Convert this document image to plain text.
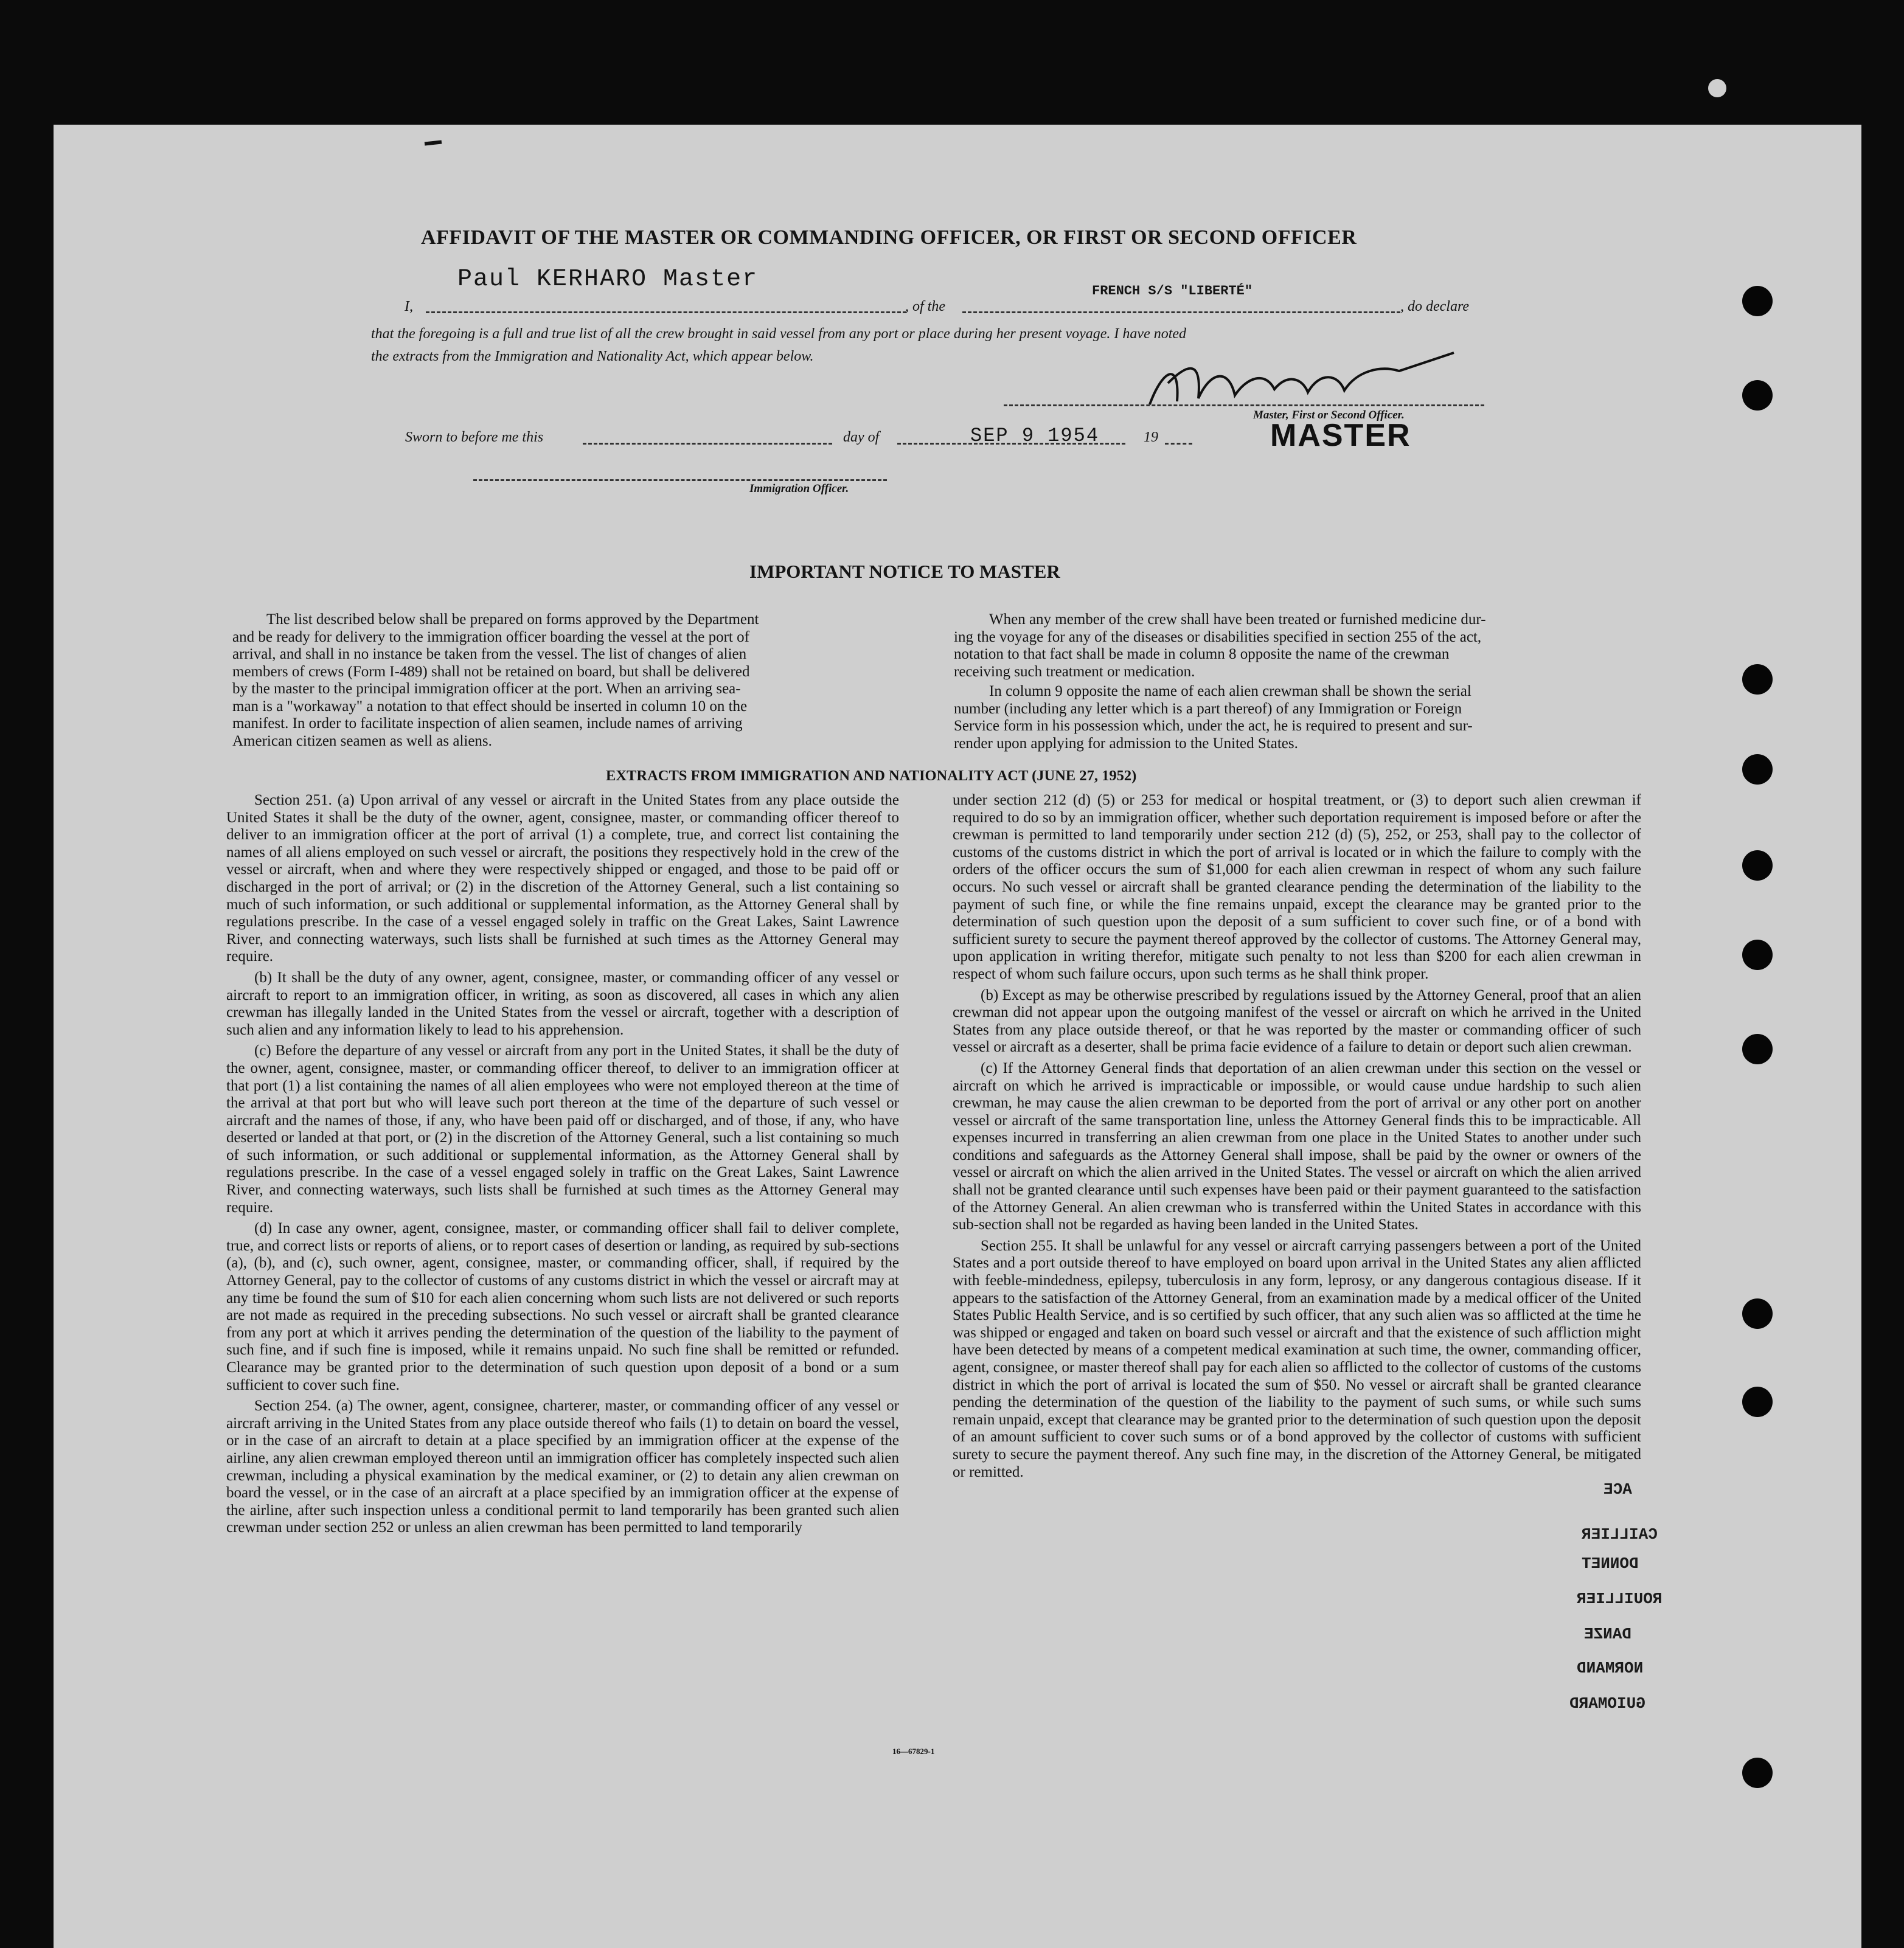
AFFIDAVIT OF THE MASTER OR COMMANDING OFFICER, OR FIRST OR SECOND OFFICER
Paul KERHARO Master	FRENCH S/S "LIBERTÉ"
I,	, of the	, do declare
that the foregoing is a full and true list of all the crew brought in said vessel from any port or place during her present voyage. I have noted
the extracts from the Immigration and Nationality Act, which appear below.
Master, First or Second Officer.
MASTER
Sworn to before me this	day of	SEP 9 1954	19
Immigration Officer.
IMPORTANT NOTICE TO MASTER
The list described below shall be prepared on forms approved by the Department
and be ready for delivery to the immigration officer boarding the vessel at the port of
arrival, and shall in no instance be taken from the vessel. The list of changes of alien
members of crews (Form I-489) shall not be retained on board, but shall be delivered
by the master to the principal immigration officer at the port. When an arriving sea-
man is a "workaway" a notation to that effect should be inserted in column 10 on the
manifest. In order to facilitate inspection of alien seamen, include names of arriving
American citizen seamen as well as aliens.
When any member of the crew shall have been treated or furnished medicine dur-
ing the voyage for any of the diseases or disabilities specified in section 255 of the act,
notation to that fact shall be made in column 8 opposite the name of the crewman
receiving such treatment or medication.
In column 9 opposite the name of each alien crewman shall be shown the serial
number (including any letter which is a part thereof) of any Immigration or Foreign
Service form in his possession which, under the act, he is required to present and sur-
render upon applying for admission to the United States.
EXTRACTS FROM IMMIGRATION AND NATIONALITY ACT (JUNE 27, 1952)

Section 251. (a) Upon arrival of any vessel or aircraft in the United States from any place outside the United States it shall be the duty of the owner, agent, consignee, master, or commanding officer thereof to deliver to an immigration officer at the port of arrival (1) a complete, true, and correct list containing the names of all aliens employed on such vessel or aircraft, the positions they respectively hold in the crew of the vessel or aircraft, when and where they were respectively shipped or engaged, and those to be paid off or discharged in the port of arrival; or (2) in the discretion of the Attorney General, such a list containing so much of such information, or such additional or supplemental information, as the Attorney General shall by regulations prescribe. In the case of a vessel engaged solely in traffic on the Great Lakes, Saint Lawrence River, and connecting waterways, such lists shall be furnished at such times as the Attorney General may require.

(b) It shall be the duty of any owner, agent, consignee, master, or commanding officer of any vessel or aircraft to report to an immigration officer, in writing, as soon as discovered, all cases in which any alien crewman has illegally landed in the United States from the vessel or aircraft, together with a description of such alien and any information likely to lead to his apprehension.

(c) Before the departure of any vessel or aircraft from any port in the United States, it shall be the duty of the owner, agent, consignee, master, or commanding officer thereof, to deliver to an immigration officer at that port (1) a list containing the names of all alien employees who were not employed thereon at the time of the arrival at that port but who will leave such port thereon at the time of the departure of such vessel or aircraft and the names of those, if any, who have been paid off or discharged, and of those, if any, who have deserted or landed at that port, or (2) in the discretion of the Attorney General, such a list containing so much of such information, or such additional or supplemental information, as the Attorney General shall by regulations prescribe. In the case of a vessel engaged solely in traffic on the Great Lakes, Saint Lawrence River, and connecting waterways, such lists shall be furnished at such times as the Attorney General may require.

(d) In case any owner, agent, consignee, master, or commanding officer shall fail to deliver complete, true, and correct lists or reports of aliens, or to report cases of desertion or landing, as required by sub-sections (a), (b), and (c), such owner, agent, consignee, master, or commanding officer, shall, if required by the Attorney General, pay to the collector of customs of any customs district in which the vessel or aircraft may at any time be found the sum of $10 for each alien concerning whom such lists are not delivered or such reports are not made as required in the preceding subsections. No such vessel or aircraft shall be granted clearance from any port at which it arrives pending the determination of the question of the liability to the payment of such fine, and if such fine is imposed, while it remains unpaid. No such fine shall be remitted or refunded. Clearance may be granted prior to the determination of such question upon deposit of a bond or a sum sufficient to cover such fine.

Section 254. (a) The owner, agent, consignee, charterer, master, or commanding officer of any vessel or aircraft arriving in the United States from any place outside thereof who fails (1) to detain on board the vessel, or in the case of an aircraft to detain at a place specified by an immigration officer at the expense of the airline, any alien crewman employed thereon until an immigration officer has completely inspected such alien crewman, including a physical examination by the medical examiner, or (2) to detain any alien crewman on board the vessel, or in the case of an aircraft at a place specified by an immigration officer at the expense of the airline, after such inspection unless a conditional permit to land temporarily has been granted such alien crewman under section 252 or unless an alien crewman has been permitted to land temporarily

under section 212 (d) (5) or 253 for medical or hospital treatment, or (3) to deport such alien crewman if required to do so by an immigration officer, whether such deportation requirement is imposed before or after the crewman is permitted to land temporarily under section 212 (d) (5), 252, or 253, shall pay to the collector of customs of the customs district in which the port of arrival is located or in which the failure to comply with the orders of the officer occurs the sum of $1,000 for each alien crewman in respect of whom any such failure occurs. No such vessel or aircraft shall be granted clearance pending the determination of the liability to the payment of such fine, or while the fine remains unpaid, except the clearance may be granted prior to the determination of such question upon the deposit of a sum sufficient to cover such fine, or of a bond with sufficient surety to secure the payment thereof approved by the collector of customs. The Attorney General may, upon application in writing therefor, mitigate such penalty to not less than $200 for each alien crewman in respect of whom such failure occurs, upon such terms as he shall think proper.

(b) Except as may be otherwise prescribed by regulations issued by the Attorney General, proof that an alien crewman did not appear upon the outgoing manifest of the vessel or aircraft on which he arrived in the United States from any place outside thereof, or that he was reported by the master or commanding officer of such vessel or aircraft as a deserter, shall be prima facie evidence of a failure to detain or deport such alien crewman.

(c) If the Attorney General finds that deportation of an alien crewman under this section on the vessel or aircraft on which he arrived is impracticable or impossible, or would cause undue hardship to such alien crewman, he may cause the alien crewman to be deported from the port of arrival or any other port on another vessel or aircraft of the same transportation line, unless the Attorney General finds this to be impracticable. All expenses incurred in transferring an alien crewman from one place in the United States to another under such conditions and safeguards as the Attorney General shall impose, shall be paid by the owner or owners of the vessel or aircraft on which the alien arrived in the United States. The vessel or aircraft on which the alien arrived shall not be granted clearance until such expenses have been paid or their payment guaranteed to the satisfaction of the Attorney General. An alien crewman who is transferred within the United States in accordance with this sub-section shall not be regarded as having been landed in the United States.

Section 255. It shall be unlawful for any vessel or aircraft carrying passengers between a port of the United States and a port outside thereof to have employed on board upon arrival in the United States any alien afflicted with feeble-mindedness, epilepsy, tuberculosis in any form, leprosy, or any dangerous contagious disease. If it appears to the satisfaction of the Attorney General, from an examination made by a medical officer of the United States Public Health Service, and is so certified by such officer, that any such alien was so afflicted at the time he was shipped or engaged and taken on board such vessel or aircraft and that the existence of such affliction might have been detected by means of a competent medical examination at such time, the owner, commanding officer, agent, consignee, or master thereof shall pay for each alien so afflicted to the collector of customs of the customs district in which the port of arrival is located the sum of $50. No vessel or aircraft shall be granted clearance pending the determination of the question of the liability to the payment of such sums, or while such sums remain unpaid, except that clearance may be granted prior to the determination of such question upon the deposit of an amount sufficient to cover such sums or of a bond approved by the collector of customs with sufficient surety to secure the payment thereof. Any such fine may, in the discretion of the Attorney General, be mitigated or remitted.

ACE
CAILLIER
DONNET
ROUILLIER
DANZE
NORMAND
GUIOMARD
16—67829-1
